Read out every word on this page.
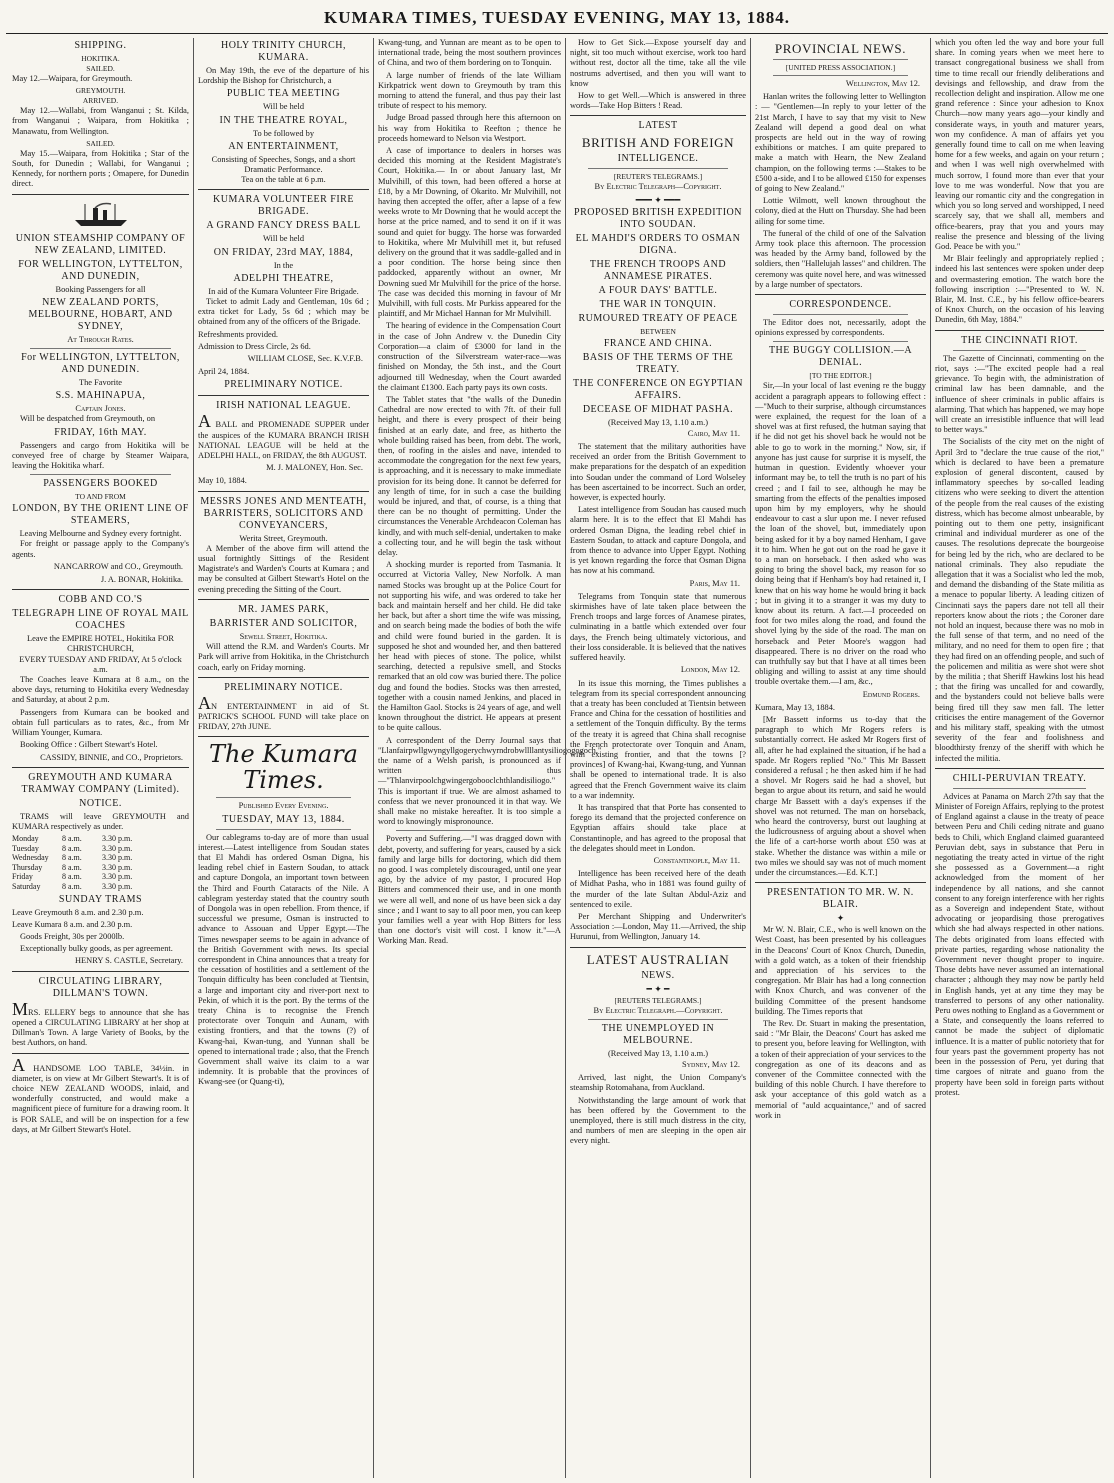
KUMARA TIMES, TUESDAY EVENING, MAY 13, 1884.
SHIPPING.
HOKITIKA.
SAILED.
May 12.—Waipara, for Greymouth.
GREYMOUTH.
ARRIVED.
May 12.—Wallabi, from Wanganui ; St. Kilda, from Wanganui ; Waipara, from Hokitika ; Manawatu, from Wellington.
SAILED.
May 15.—Waipara, from Hokitika ; Star of the South, for Dunedin ; Wallabi, for Wanganui ; Kennedy, for northern ports ; Omapere, for Dunedin direct.
UNION STEAMSHIP COMPANY OF NEW ZEALAND, LIMITED.
FOR WELLINGTON, LYTTELTON, AND DUNEDIN,
Booking Passengers for all
NEW ZEALAND PORTS, MELBOURNE, HOBART, AND SYDNEY,
At Through Rates.
For WELLINGTON, LYTTELTON, AND DUNEDIN.
The Favorite
S.S. MAHINAPUA,
Captain Jones.
Will be despatched from Greymouth, on
FRIDAY, 16th MAY.
Passengers and cargo from Hokitika will be conveyed free of charge by Steamer Waipara, leaving the Hokitika wharf.
PASSENGERS BOOKED
TO AND FROM
LONDON, BY THE ORIENT LINE OF STEAMERS,
Leaving Melbourne and Sydney every fortnight.
For freight or passage apply to the Company's agents.
NANCARROW and CO., Greymouth.
J. A. BONAR, Hokitika.
COBB AND CO.'S
TELEGRAPH LINE OF ROYAL MAIL COACHES
Leave the EMPIRE HOTEL, Hokitika FOR CHRISTCHURCH,
EVERY TUESDAY AND FRIDAY, At 5 o'clock a.m.
The Coaches leave Kumara at 8 a.m., on the above days, returning to Hokitika every Wednesday and Saturday, at about 2 p.m.
Passengers from Kumara can be booked and obtain full particulars as to rates, &c., from Mr William Younger, Kumara.
Booking Office : Gilbert Stewart's Hotel.
CASSIDY, BINNIE, and CO., Proprietors.
GREYMOUTH AND KUMARA TRAMWAY COMPANY (Limited).
NOTICE.
TRAMS will leave GREYMOUTH and KUMARA respectively as under.
Monday	8 a.m.	3.30 p.m.
Tuesday	8 a.m.	3.30 p.m.
Wednesday	8 a.m.	3.30 p.m.
Thursday	8 a.m.	3.30 p.m.
Friday	8 a.m.	3.30 p.m.
Saturday	8 a.m.	3.30 p.m.
SUNDAY TRAMS
Leave Greymouth 8 a.m. and 2.30 p.m.
Leave Kumara 8 a.m. and 2.30 p.m.
Goods Freight, 30s per 2000lb.
Exceptionally bulky goods, as per agreement.
HENRY S. CASTLE, Secretary.
CIRCULATING LIBRARY, DILLMAN'S TOWN.
MRS. ELLERY begs to announce that she has opened a CIRCULATING LIBRARY at her shop at Dillman's Town. A large Variety of Books, by the best Authors, on hand.
A HANDSOME LOO TABLE, 34½in. in diameter, is on view at Mr Gilbert Stewart's. It is of choice NEW ZEALAND WOODS, inlaid, and wonderfully constructed, and would make a magnificent piece of furniture for a drawing room. It is FOR SALE, and will be on inspection for a few days, at Mr Gilbert Stewart's Hotel.
HOLY TRINITY CHURCH, KUMARA.
On May 19th, the eve of the departure of his Lordship the Bishop for Christchurch, a
PUBLIC TEA MEETING
Will be held
IN THE THEATRE ROYAL,
To be followed by
AN ENTERTAINMENT,
Consisting of Speeches, Songs, and a short Dramatic Performance.
Tea on the table at 6 p.m.
KUMARA VOLUNTEER FIRE BRIGADE.
A GRAND FANCY DRESS BALL
Will be held
ON FRIDAY, 23rd MAY, 1884,
In the
ADELPHI THEATRE,
In aid of the Kumara Volunteer Fire Brigade.
Ticket to admit Lady and Gentleman, 10s 6d ; extra ticket for Lady, 5s 6d ; which may be obtained from any of the officers of the Brigade.
Refreshments provided.
Admission to Dress Circle, 2s 6d.
WILLIAM CLOSE, Sec. K.V.F.B.
April 24, 1884.
PRELIMINARY NOTICE.
IRISH NATIONAL LEAGUE.
A BALL and PROMENADE SUPPER under the auspices of the KUMARA BRANCH IRISH NATIONAL LEAGUE will be held at the ADELPHI HALL, on FRIDAY, the 8th AUGUST.
M. J. MALONEY, Hon. Sec.
May 10, 1884.
MESSRS JONES AND MENTEATH, BARRISTERS, SOLICITORS AND CONVEYANCERS,
Werita Street, Greymouth.
A Member of the above firm will attend the usual fortnightly Sittings of the Resident Magistrate's and Warden's Courts at Kumara ; and may be consulted at Gilbert Stewart's Hotel on the evening preceding the Sitting of the Court.
MR. JAMES PARK,
BARRISTER AND SOLICITOR,
Sewell Street, Hokitika.
Will attend the R.M. and Warden's Courts. Mr Park will arrive from Hokitika, in the Christchurch coach, early on Friday morning.
PRELIMINARY NOTICE.
AN ENTERTAINMENT in aid of St. PATRICK'S SCHOOL FUND will take place on FRIDAY, 27th JUNE.
The Kumara Times.
Published Every Evening.
TUESDAY, MAY 13, 1884.
Our cablegrams to-day are of more than usual interest.—Latest intelligence from Soudan states that El Mahdi has ordered Osman Digna, his leading rebel chief in Eastern Soudan, to attack and capture Dongola, an important town between the Third and Fourth Cataracts of the Nile. A cablegram yesterday stated that the country south of Dongola was in open rebellion. From thence, if successful we presume, Osman is instructed to advance to Assouan and Upper Egypt.—The Times newspaper seems to be again in advance of the British Government with news. Its special correspondent in China announces that a treaty for the cessation of hostilities and a settlement of the Tonquin difficulty has been concluded at Tientsin, a large and important city and river-port next to Pekin, of which it is the port. By the terms of the treaty China is to recognise the French protectorate over Tonquin and Aunam, with existing frontiers, and that the towns (?) of Kwang-hai, Kwan-tung, and Yunnan shall be opened to international trade ; also, that the French Government shall waive its claim to a war indemnity. It is probable that the provinces of Kwang-see (or Quang-ti),
Kwang-tung, and Yunnan are meant as to be open to international trade, being the most southern provinces of China, and two of them bordering on to Tonquin.
A large number of friends of the late William Kirkpatrick went down to Greymouth by tram this morning to attend the funeral, and thus pay their last tribute of respect to his memory.
Judge Broad passed through here this afternoon on his way from Hokitika to Reefton ; thence he proceeds homeward to Nelson via Westport.
A case of importance to dealers in horses was decided this morning at the Resident Magistrate's Court, Hokitika.— In or about January last, Mr Mulvihill, of this town, had been offered a horse at £18, by a Mr Downing, of Okarito. Mr Mulvihill, not having then accepted the offer, after a lapse of a few weeks wrote to Mr Downing that he would accept the horse at the price named, and to send it on if it was sound and quiet for buggy. The horse was forwarded to Hokitika, where Mr Mulvihill met it, but refused delivery on the ground that it was saddle-galled and in a poor condition. The horse being since then paddocked, apparently without an owner, Mr Downing sued Mr Mulvihill for the price of the horse. The case was decided this morning in favour of Mr Mulvihill, with full costs. Mr Purkiss appeared for the plaintiff, and Mr Michael Hannan for Mr Mulvihill.
The hearing of evidence in the Compensation Court in the case of John Andrew v. the Dunedin City Corporation—a claim of £3000 for land in the construction of the Silverstream water-race—was finished on Monday, the 5th inst., and the Court adjourned till Wednesday, when the Court awarded the claimant £1300. Each party pays its own costs.
The Tablet states that "the walls of the Dunedin Cathedral are now erected to with 7ft. of their full height, and there is every prospect of their being finished at an early date, and free, as hitherto the whole building raised has been, from debt. The work, then, of roofing in the aisles and nave, intended to accommodate the congregation for the next few years, is approaching, and it is necessary to make immediate provision for its being done. It cannot be deferred for any length of time, for in such a case the building would be injured, and that, of course, is a thing that there can be no thought of permitting. Under the circumstances the Venerable Archdeacon Coleman has kindly, and with much self-denial, undertaken to make a collecting tour, and he will begin the task without delay.
A shocking murder is reported from Tasmania. It occurred at Victoria Valley, New Norfolk. A man named Stocks was brought up at the Police Court for not supporting his wife, and was ordered to take her back and maintain herself and her child. He did take her back, but after a short time the wife was missing, and on search being made the bodies of both the wife and child were found buried in the garden. It is supposed he shot and wounded her, and then battered her head with pieces of stone. The police, whilst searching, detected a repulsive smell, and Stocks remarked that an old cow was buried there. The police dug and found the bodies. Stocks was then arrested, together with a cousin named Jenkins, and placed in the Hamilton Gaol. Stocks is 24 years of age, and well known throughout the district. He appears at present to be quite callous.
A correspondent of the Derry Journal says that "Llanfairpwllgwyngyllgogerychwyrndrobwllllantysiliogogogoch," the name of a Welsh parish, is pronounced as if written thus—"Thlanvirpoolchgwingergobooclchthlandisiliogo." This is important if true. We are almost ashamed to confess that we never pronounced it in that way. We shall make no mistake hereafter. It is too simple a word to knowingly mispronounce.
Poverty and Suffering.—"I was dragged down with debt, poverty, and suffering for years, caused by a sick family and large bills for doctoring, which did them no good. I was completely discouraged, until one year ago, by the advice of my pastor, I procured Hop Bitters and commenced their use, and in one month we were all well, and none of us have been sick a day since ; and I want to say to all poor men, you can keep your families well a year with Hop Bitters for less than one doctor's visit will cost. I know it."—A Working Man. Read.
How to Get Sick.—Expose yourself day and night, sit too much without exercise, work too hard without rest, doctor all the time, take all the vile nostrums advertised, and then you will want to know
How to get Well.—Which is answered in three words—Take Hop Bitters ! Read.
LATEST
BRITISH AND FOREIGN
INTELLIGENCE.
[REUTER'S TELEGRAMS.]
By Electric Telegraph—Copyright.
━━━ ✦ ━━━
PROPOSED BRITISH EXPEDITION INTO SOUDAN.
EL MAHDI'S ORDERS TO OSMAN DIGNA.
THE FRENCH TROOPS AND ANNAMESE PIRATES.
A FOUR DAYS' BATTLE.
THE WAR IN TONQUIN.
RUMOURED TREATY OF PEACE
BETWEEN
FRANCE AND CHINA.
BASIS OF THE TERMS OF THE TREATY.
THE CONFERENCE ON EGYPTIAN AFFAIRS.
DECEASE OF MIDHAT PASHA.
(Received May 13, 1.10 a.m.)
Cairo, May 11.
The statement that the military authorities have received an order from the British Government to make preparations for the despatch of an expedition into Soudan under the command of Lord Wolseley has been ascertained to be incorrect. Such an order, however, is expected hourly.
Latest intelligence from Soudan has caused much alarm here. It is to the effect that El Mahdi has ordered Osman Digna, the leading rebel chief in Eastern Soudan, to attack and capture Dongola, and from thence to advance into Upper Egypt. Nothing is yet known regarding the force that Osman Digna has now at his command.
Paris, May 11.
Telegrams from Tonquin state that numerous skirmishes have of late taken place between the French troops and large forces of Anamese pirates, culminating in a battle which extended over four days, the French being ultimately victorious, and their loss considerable. It is believed that the natives suffered heavily.
London, May 12.
In its issue this morning, the Times publishes a telegram from its special correspondent announcing that a treaty has been concluded at Tientsin between France and China for the cessation of hostilities and a settlement of the Tonquin difficulty. By the terms of the treaty it is agreed that China shall recognise the French protectorate over Tonquin and Anam, with existing frontier, and that the towns [? provinces] of Kwang-hai, Kwang-tung, and Yunnan shall be opened to international trade. It is also agreed that the French Government waive its claim to a war indemnity.
It has transpired that that Porte has consented to forego its demand that the projected conference on Egyptian affairs should take place at Constantinople, and has agreed to the proposal that the delegates should meet in London.
Constantinople, May 11.
Intelligence has been received here of the death of Midhat Pasha, who in 1881 was found guilty of the murder of the late Sultan Abdul-Aziz and sentenced to exile.
Per Merchant Shipping and Underwriter's Association :—London, May 11.—Arrived, the ship Hurunui, from Wellington, January 14.
LATEST AUSTRALIAN
NEWS.
━ ✦ ━
[REUTERS TELEGRAMS.]
By Electric Telegraph.—Copyright.
THE UNEMPLOYED IN MELBOURNE.
(Received May 13, 1.10 a.m.)
Sydney, May 12.
Arrived, last night, the Union Company's steamship Rotomahana, from Auckland.
Notwithstanding the large amount of work that has been offered by the Government to the unemployed, there is still much distress in the city, and numbers of men are sleeping in the open air every night.
PROVINCIAL NEWS.
[UNITED PRESS ASSOCIATION.]
Wellington, May 12.
Hanlan writes the following letter to Wellington : — "Gentlemen—In reply to your letter of the 21st March, I have to say that my visit to New Zealand will depend a good deal on what prospects are held out in the way of rowing exhibitions or matches. I am quite prepared to make a match with Hearn, the New Zealand champion, on the following terms :—Stakes to be £500 a-side, and I to be allowed £150 for expenses of going to New Zealand."
Lottie Wilmott, well known throughout the colony, died at the Hutt on Thursday. She had been ailing for some time.
The funeral of the child of one of the Salvation Army took place this afternoon. The procession was headed by the Army band, followed by the soldiers, then "Hallelujah lasses" and children. The ceremony was quite novel here, and was witnessed by a large number of spectators.
CORRESPONDENCE.
The Editor does not, necessarily, adopt the opinions expressed by correspondents.
THE BUGGY COLLISION.—A DENIAL.
[TO THE EDITOR.]
Sir,—In your local of last evening re the buggy accident a paragraph appears to following effect :—"Much to their surprise, although circumstances were explained, the request for the loan of a shovel was at first refused, the hutman saying that if he did not get his shovel back he would not be able to go to work in the morning." Now, sir, if anyone has just cause for surprise it is myself, the hutman in question. Evidently whoever your informant may be, to tell the truth is no part of his creed ; and I fail to see, although he may be smarting from the effects of the penalties imposed upon him by my employers, why he should endeavour to cast a slur upon me. I never refused the loan of the shovel, but, immediately upon being asked for it by a boy named Henham, I gave it to him. When he got out on the road he gave it to a man on horseback. I then asked who was going to bring the shovel back, my reason for so doing being that if Henham's boy had retained it, I knew that on his way home he would bring it back ; but in giving it to a stranger it was my duty to know about its return. A fact.—I proceeded on foot for two miles along the road, and found the shovel lying by the side of the road. The man on horseback and Peter Moore's waggon had disappeared. There is no driver on the road who can truthfully say but that I have at all times been obliging and willing to assist at any time should trouble overtake them.—I am, &c.,
Edmund Rogers.
Kumara, May 13, 1884.
[Mr Bassett informs us to-day that the paragraph to which Mr Rogers refers is substantially correct. He asked Mr Rogers first of all, after he had explained the situation, if he had a spade. Mr Rogers replied "No." This Mr Bassett considered a refusal ; he then asked him if he had a shovel. Mr Rogers said he had a shovel, but began to argue about its return, and said he would charge Mr Bassett with a day's expenses if the shovel was not returned. The man on horseback, who heard the controversy, burst out laughing at the ludicrousness of arguing about a shovel when the life of a cart-horse worth about £50 was at stake. Whether the distance was within a mile or two miles we should say was not of much moment under the circumstances.—Ed. K.T.]
PRESENTATION TO MR. W. N. BLAIR.
✦
Mr W. N. Blair, C.E., who is well known on the West Coast, has been presented by his colleagues in the Deacons' Court of Knox Church, Dunedin, with a gold watch, as a token of their friendship and appreciation of his services to the congregation. Mr Blair has had a long connection with Knox Church, and was convener of the building Committee of the present handsome building. The Times reports that
The Rev. Dr. Stuart in making the presentation, said : "Mr Blair, the Deacons' Court has asked me to present you, before leaving for Wellington, with a token of their appreciation of your services to the congregation as one of its deacons and as convener of the Committee connected with the building of this noble Church. I have therefore to ask your acceptance of this gold watch as a memorial of "auld acquaintance," and of sacred work in
which you often led the way and bore your full share. In coming years when we meet here to transact congregational business we shall from time to time recall our friendly deliberations and devisings and fellowship, and draw from the recollection delight and inspiration. Allow me one grand reference : Since your adhesion to Knox Church—now many years ago—your kindly and considerate ways, in youth and maturer years, won my confidence. A man of affairs yet you generally found time to call on me when leaving home for a few weeks, and again on your return ; and when I was well nigh overwhelmed with much sorrow, I found more than ever that your love to me was wonderful. Now that you are leaving our romantic city and the congregation in which you so long served and worshipped, I need scarcely say, that we shall all, members and office-bearers, pray that you and yours may realise the presence and blessing of the living God. Peace be with you."
Mr Blair feelingly and appropriately replied ; indeed his last sentences were spoken under deep and overmastering emotion. The watch bore the following inscription :—"Presented to W. N. Blair, M. Inst. C.E., by his fellow office-bearers of Knox Church, on the occasion of his leaving Dunedin, 6th May, 1884."
THE CINCINNATI RIOT.
The Gazette of Cincinnati, commenting on the riot, says :—"The excited people had a real grievance. To begin with, the administration of criminal law has been damnable, and the influence of sheer criminals in public affairs is alarming. That which has happened, we may hope will create an irresistible influence that will lead to better ways."
The Socialists of the city met on the night of April 3rd to "declare the true cause of the riot," which is declared to have been a premature explosion of general discontent, caused by inflammatory speeches by so-called leading citizens who were seeking to divert the attention of the people from the real causes of the existing distress, which has become almost unbearable, by pointing out to them one petty, insignificant criminal and individual murderer as one of the causes. The resolutions deprecate the bourgeoise for being led by the rich, who are declared to be national criminals. They also repudiate the allegation that it was a Socialist who led the mob, and demand the disbanding of the State militia as a menace to popular liberty. A leading citizen of Cincinnati says the papers dare not tell all their reporters know about the riots ; the Coroner dare not hold an inquest, because there was no mob in the full sense of that term, and no need of the military, and no need for them to open fire ; that they had fired on an offending people, and such of the policemen and militia as were shot were shot by the militia ; that Sheriff Hawkins lost his head ; that the firing was uncalled for and cowardly, and the bystanders could not believe balls were being fired till they saw men fall. The letter criticises the entire management of the Governor and his military staff, speaking with the utmost severity of the fear and foolishness and bloodthirsty frenzy of the sheriff with which he infected the militia.
CHILI-PERUVIAN TREATY.
Advices at Panama on March 27th say that the Minister of Foreign Affairs, replying to the protest of England against a clause in the treaty of peace between Peru and Chili ceding nitrate and guano beds to Chili, which England claimed guaranteed Peruvian debt, says in substance that Peru in negotiating the treaty acted in virtue of the right she possessed as a Government—a right acknowledged from the moment of her independence by all nations, and she cannot consent to any foreign interference with her rights as a Sovereign and independent State, without advocating or jeopardising those prerogatives which she had always respected in other nations. The debts originated from loans effected with private parties, regarding whose nationality the Government never thought proper to inquire. Those debts have never assumed an international character ; although they may now be partly held in English hands, yet at any time they may be transferred to persons of any other nationality. Peru owes nothing to England as a Government or a State, and consequently the loans referred to cannot be made the subject of diplomatic influence. It is a matter of public notoriety that for four years past the government property has not been in the possession of Peru, yet during that time cargoes of nitrate and guano from the property have been sold in foreign parts without protest.
